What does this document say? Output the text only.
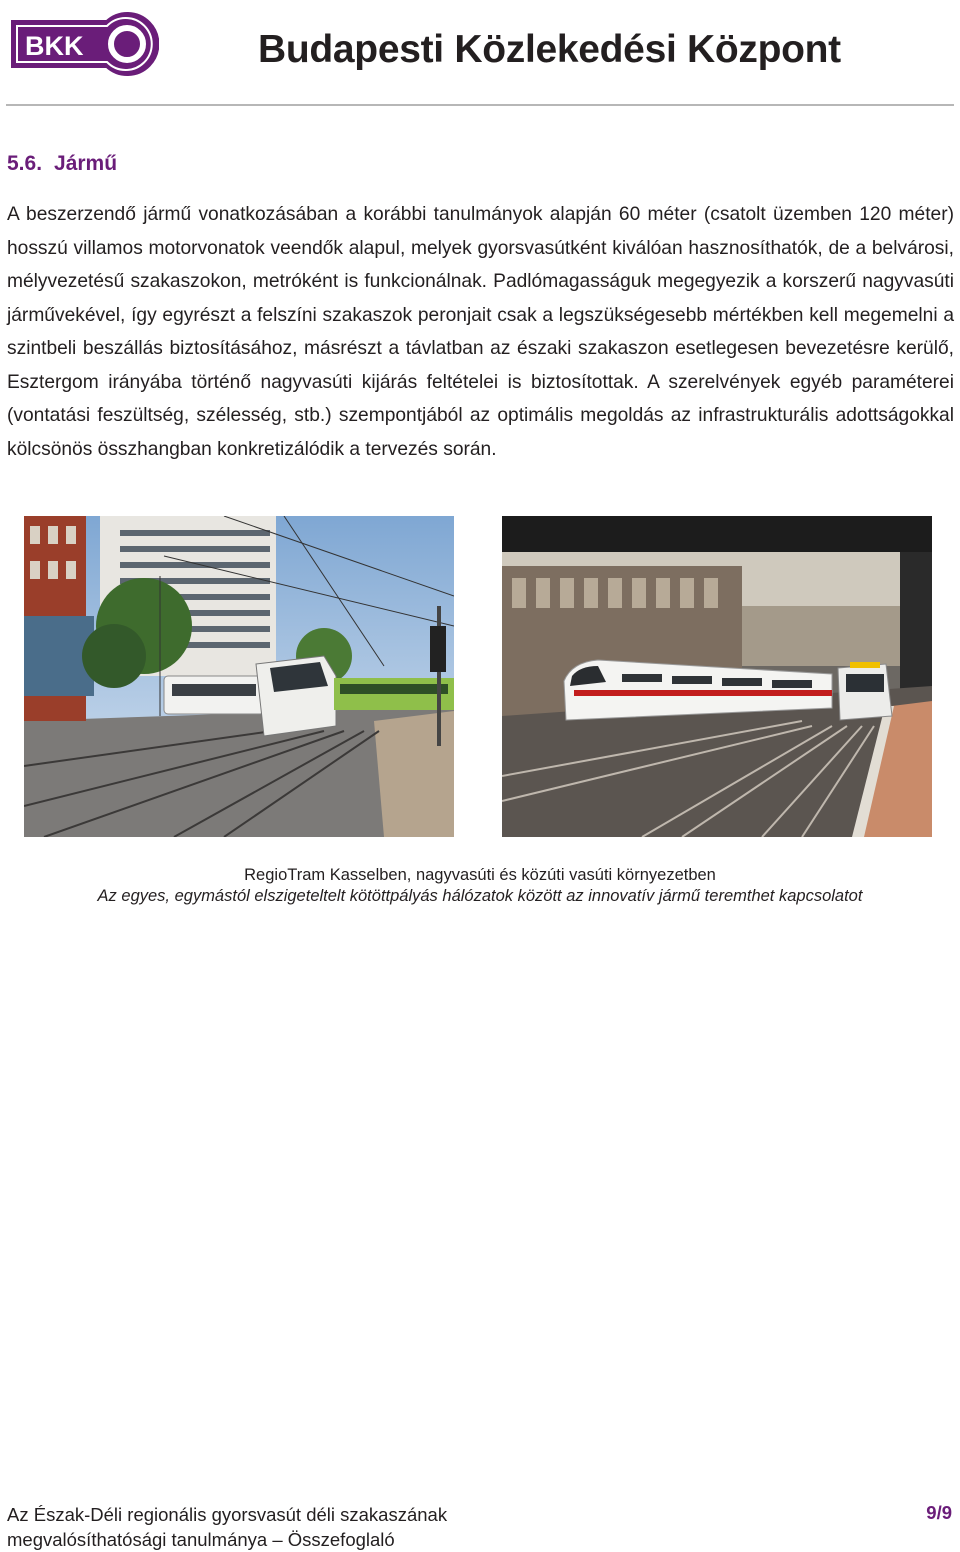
BKK	Budapesti Közlekedési Központ
5.6. Jármű
A beszerzendő jármű vonatkozásában a korábbi tanulmányok alapján 60 méter (csatolt üzemben 120 méter) hosszú villamos motorvonatok veendők alapul, melyek gyorsvasútként kiválóan hasznosíthatók, de a belvárosi, mélyvezetésű szakaszokon, metróként is funkcionálnak. Padlómagasságuk megegyezik a korszerű nagyvasúti járművekével, így egyrészt a felszíni szakaszok peronjait csak a legszükségesebb mértékben kell megemelni a szintbeli beszállás biztosításához, másrészt a távlatban az északi szakaszon esetlegesen bevezetésre kerülő, Esztergom irányába történő nagyvasúti kijárás feltételei is biztosítottak. A szerelvények egyéb paraméterei (vontatási feszültség, szélesség, stb.) szempontjából az optimális megoldás az infrastrukturális adottságokkal kölcsönös összhangban konkretizálódik a tervezés során.
RegioTram Kasselben, nagyvasúti és közúti vasúti környezetben
Az egyes, egymástól elszigeteltelt kötöttpályás hálózatok között az innovatív jármű teremthet kapcsolatot
Az Észak-Déli regionális gyorsvasút déli szakaszának
megvalósíthatósági tanulmánya – Összefoglaló
9/9
